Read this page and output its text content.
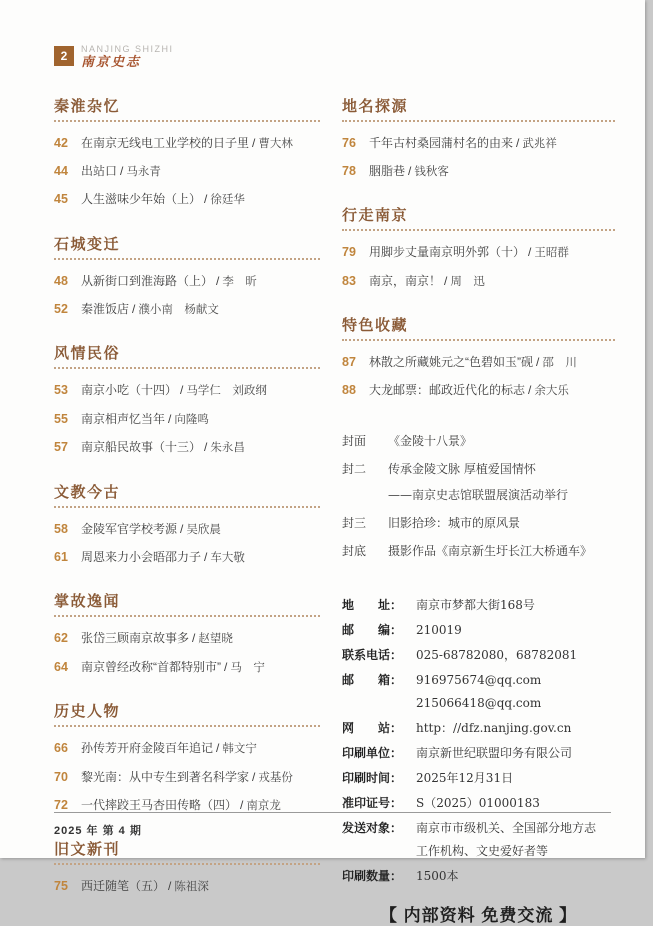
2	NANJING SHIZHI
南京史志
秦淮杂忆
42	在南京无线电工业学校的日子里 / 曹大林
44	出站口 / 马永青
45	人生滋味少年始（上） / 徐廷华
石城变迁
48	从新街口到淮海路（上） / 李　昕
52	秦淮饭店 / 濮小南　杨献文
风情民俗
53	南京小吃（十四） / 马学仁　刘政纲
55	南京相声忆当年 / 向隆鸣
57	南京船民故事（十三） / 朱永昌
文教今古
58	金陵军官学校考源 / 吴欣晨
61	周恩来力小会晤邵力子 / 车大敬
掌故逸闻
62	张岱三顾南京故事多 / 赵望晓
64	南京曾经改称“首都特别市” / 马　宁
历史人物
66	孙传芳开府金陵百年追记 / 韩文宁
70	黎光南：从中专生到著名科学家 / 戎基份
72	一代摔跤王马杏田传略（四） / 南京龙
旧文新刊
75	西迁随笔（五） / 陈祖深
地名探源
76	千年古村桑园蒲村名的由来 / 武兆祥
78	胭脂巷 / 钱秋客
行走南京
79	用脚步丈量南京明外郭（十） / 王昭群
83	南京，南京！ / 周　迅
特色收藏
87	林散之所藏姚元之“色碧如玉”砚 / 邵　川
88	大龙邮票：邮政近代化的标志 / 余大乐
封面	《金陵十八景》
封二	传承金陵文脉 厚植爱国情怀
——南京史志馆联盟展演活动举行
封三	旧影拾珍：城市的原风景
封底	摄影作品《南京新生圩长江大桥通车》
地　　址：	南京市梦都大街168号
邮　　编：	210019
联系电话：	025-68782080，68782081
邮　　箱：	916975674@qq.com
215066418@qq.com
网　　站：	http：//dfz.nanjing.gov.cn
印刷单位：	南京新世纪联盟印务有限公司
印刷时间：	2025年12月31日
准印证号：	S（2025）01000183
发送对象：	南京市市级机关、全国部分地方志
工作机构、文史爱好者等
印刷数量：	1500本
【 内部资料 免费交流 】
2025 年 第 4 期
